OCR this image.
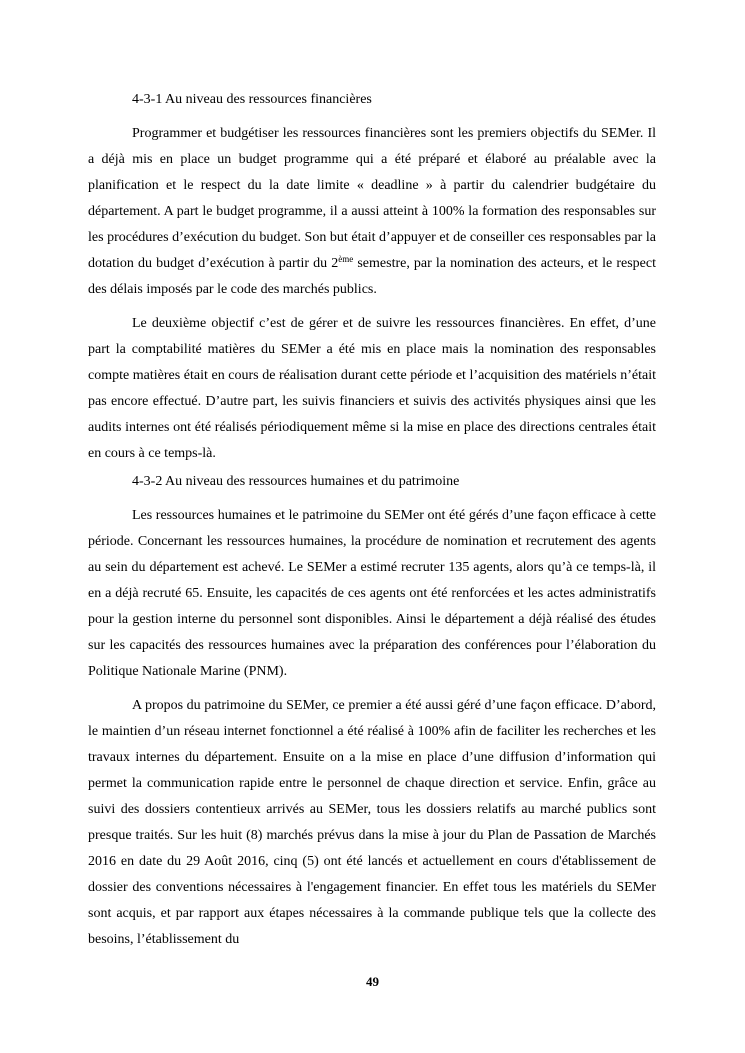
4-3-1 Au niveau des ressources financières

Programmer et budgétiser les ressources financières sont les premiers objectifs du SEMer. Il a déjà mis en place un budget programme qui a été préparé et élaboré au préalable avec la planification et le respect du la date limite « deadline » à partir du calendrier budgétaire du département. A part le budget programme, il a aussi atteint à 100% la formation des responsables sur les procédures d’exécution du budget. Son but était d’appuyer et de conseiller ces responsables par la dotation du budget d’exécution à partir du 2ème semestre, par la nomination des acteurs, et le respect des délais imposés par le code des marchés publics.

Le deuxième objectif c’est de gérer et de suivre les ressources financières. En effet, d’une part la comptabilité matières du SEMer a été mis en place mais la nomination des responsables compte matières était en cours de réalisation durant cette période et l’acquisition des matériels n’était pas encore effectué. D’autre part, les suivis financiers et suivis des activités physiques ainsi que les audits internes ont été réalisés périodiquement même si la mise en place des directions centrales était en cours à ce temps-là.

4-3-2 Au niveau des ressources humaines et du patrimoine

Les ressources humaines et le patrimoine du SEMer ont été gérés d’une façon efficace à cette période. Concernant les ressources humaines, la procédure de nomination et recrutement des agents au sein du département est achevé. Le SEMer a estimé recruter 135 agents, alors qu’à ce temps-là, il en a déjà recruté 65. Ensuite, les capacités de ces agents ont été renforcées et les actes administratifs pour la gestion interne du personnel sont disponibles. Ainsi le département a déjà réalisé des études sur les capacités des ressources humaines avec la préparation des conférences pour l’élaboration du Politique Nationale Marine (PNM).

A propos du patrimoine du SEMer, ce premier a été aussi géré d’une façon efficace. D’abord, le maintien d’un réseau internet fonctionnel a été réalisé à 100% afin de faciliter les recherches et les travaux internes du département. Ensuite on a la mise en place d’une diffusion d’information qui permet la communication rapide entre le personnel de chaque direction et service. Enfin, grâce au suivi des dossiers contentieux arrivés au SEMer, tous les dossiers relatifs au marché publics sont presque traités. Sur les huit (8) marchés prévus dans la mise à jour du Plan de Passation de Marchés 2016 en date du 29 Août 2016, cinq (5) ont été lancés et actuellement en cours d'établissement de dossier des conventions nécessaires à l'engagement financier. En effet tous les matériels du SEMer sont acquis, et par rapport aux étapes nécessaires à la commande publique tels que la collecte des besoins, l’établissement du

49
